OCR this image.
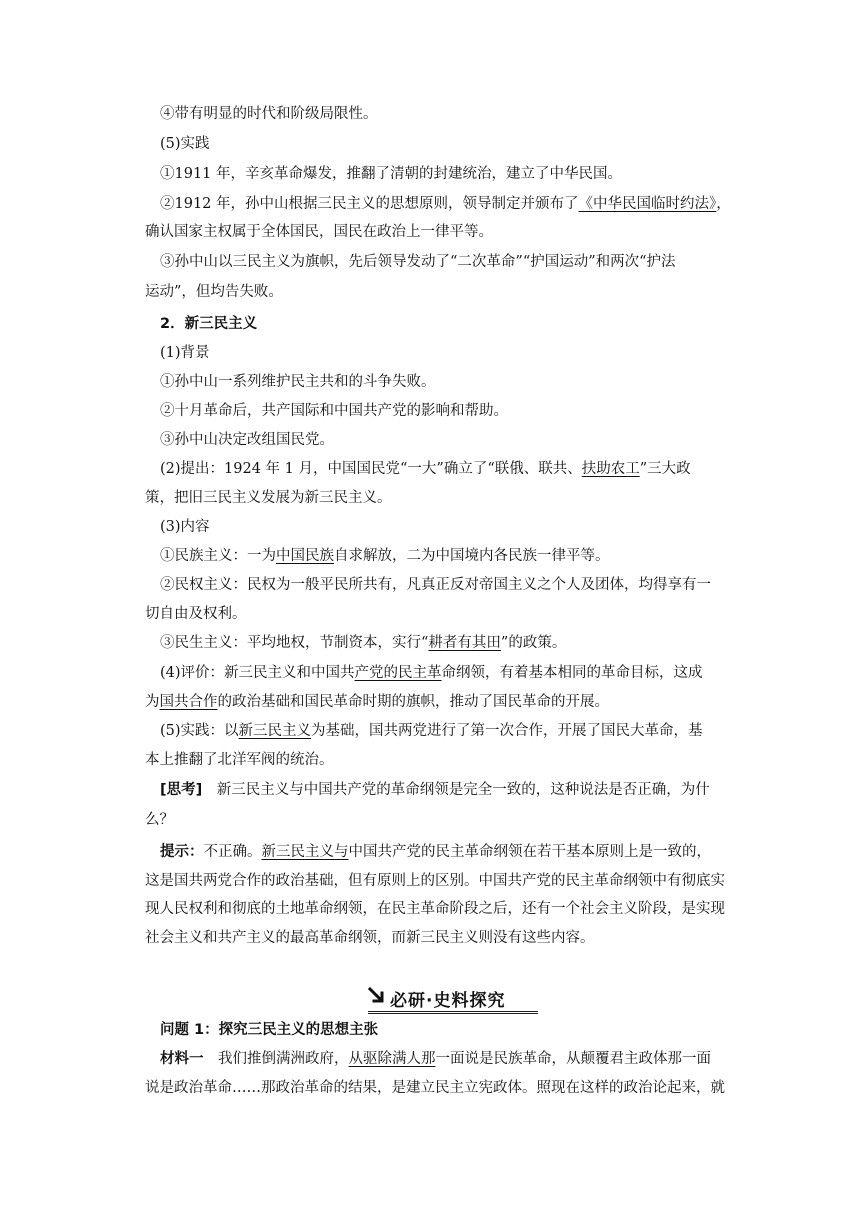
④带有明显的时代和阶级局限性。
(5)实践
①1911 年，辛亥革命爆发，推翻了清朝的封建统治，建立了中华民国。
②1912 年，孙中山根据三民主义的思想原则，领导制定并颁布了《中华民国临时约法》，
确认国家主权属于全体国民，国民在政治上一律平等。
③孙中山以三民主义为旗帜，先后领导发动了“二次革命”“护国运动”和两次“护法
运动”，但均告失败。
2．新三民主义
(1)背景
①孙中山一系列维护民主共和的斗争失败。
②十月革命后，共产国际和中国共产党的影响和帮助。
③孙中山决定改组国民党。
(2)提出：1924 年 1 月，中国国民党“一大”确立了“联俄、联共、扶助农工”三大政
策，把旧三民主义发展为新三民主义。
(3)内容
①民族主义：一为中国民族自求解放，二为中国境内各民族一律平等。
②民权主义：民权为一般平民所共有，凡真正反对帝国主义之个人及团体，均得享有一
切自由及权利。
③民生主义：平均地权，节制资本，实行“耕者有其田”的政策。
(4)评价：新三民主义和中国共产党的民主革命纲领，有着基本相同的革命目标，这成
为国共合作的政治基础和国民革命时期的旗帜，推动了国民革命的开展。
(5)实践：以新三民主义为基础，国共两党进行了第一次合作，开展了国民大革命，基
本上推翻了北洋军阀的统治。
[思考]　新三民主义与中国共产党的革命纲领是完全一致的，这种说法是否正确，为什
么？
提示：不正确。新三民主义与中国共产党的民主革命纲领在若干基本原则上是一致的，
这是国共两党合作的政治基础，但有原则上的区别。中国共产党的民主革命纲领中有彻底实
现人民权利和彻底的土地革命纲领，在民主革命阶段之后，还有一个社会主义阶段，是实现
社会主义和共产主义的最高革命纲领，而新三民主义则没有这些内容。
必研·史料探究
问题 1：探究三民主义的思想主张
材料一　我们推倒满洲政府，从驱除满人那一面说是民族革命，从颠覆君主政体那一面
说是政治革命……那政治革命的结果，是建立民主立宪政体。照现在这样的政治论起来，就
